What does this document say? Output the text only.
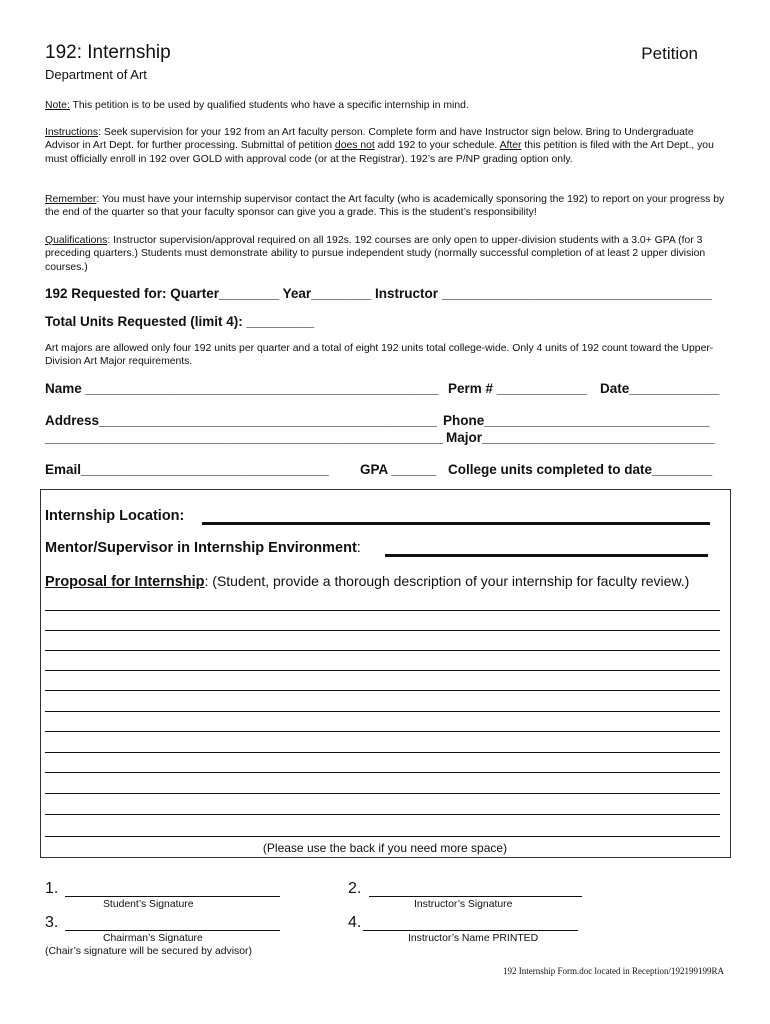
192: Internship	Petition
Department of Art
Note: This petition is to be used by qualified students who have a specific internship in mind.
Instructions: Seek supervision for your 192 from an Art faculty person. Complete form and have Instructor sign below. Bring to Undergraduate Advisor in Art Dept. for further processing. Submittal of petition does not add 192 to your schedule. After this petition is filed with the Art Dept., you must officially enroll in 192 over GOLD with approval code (or at the Registrar). 192’s are P/NP grading option only.
Remember: You must have your internship supervisor contact the Art faculty (who is academically sponsoring the 192) to report on your progress by the end of the quarter so that your faculty sponsor can give you a grade. This is the student’s responsibility!
Qualifications: Instructor supervision/approval required on all 192s. 192 courses are only open to upper-division students with a 3.0+ GPA (for 3 preceding quarters.) Students must demonstrate ability to pursue independent study (normally successful completion of at least 2 upper division courses.)
192 Requested for: Quarter________ Year________ Instructor ____________________________________
Total Units Requested (limit 4): _________
Art majors are allowed only four 192 units per quarter and a total of eight 192 units total college-wide. Only 4 units of 192 count toward the Upper-Division Art Major requirements.
Name _______________________________________________ Perm # ____________ Date____________
Address_____________________________________________
_____________________________________________________
Phone______________________________
Major_______________________________
Email_________________________________ GPA ______ College units completed to date________
Internship Location:
Mentor/Supervisor in Internship Environment:
Proposal for Internship: (Student, provide a thorough description of your internship for faculty review.)
(Please use the back if you need more space)
1.
Student’s Signature
2.
Instructor’s Signature
3.
Chairman’s Signature
(Chair’s signature will be secured by advisor)
4.
Instructor’s Name PRINTED
192 Internship Form.doc located in Reception/192199199RA
